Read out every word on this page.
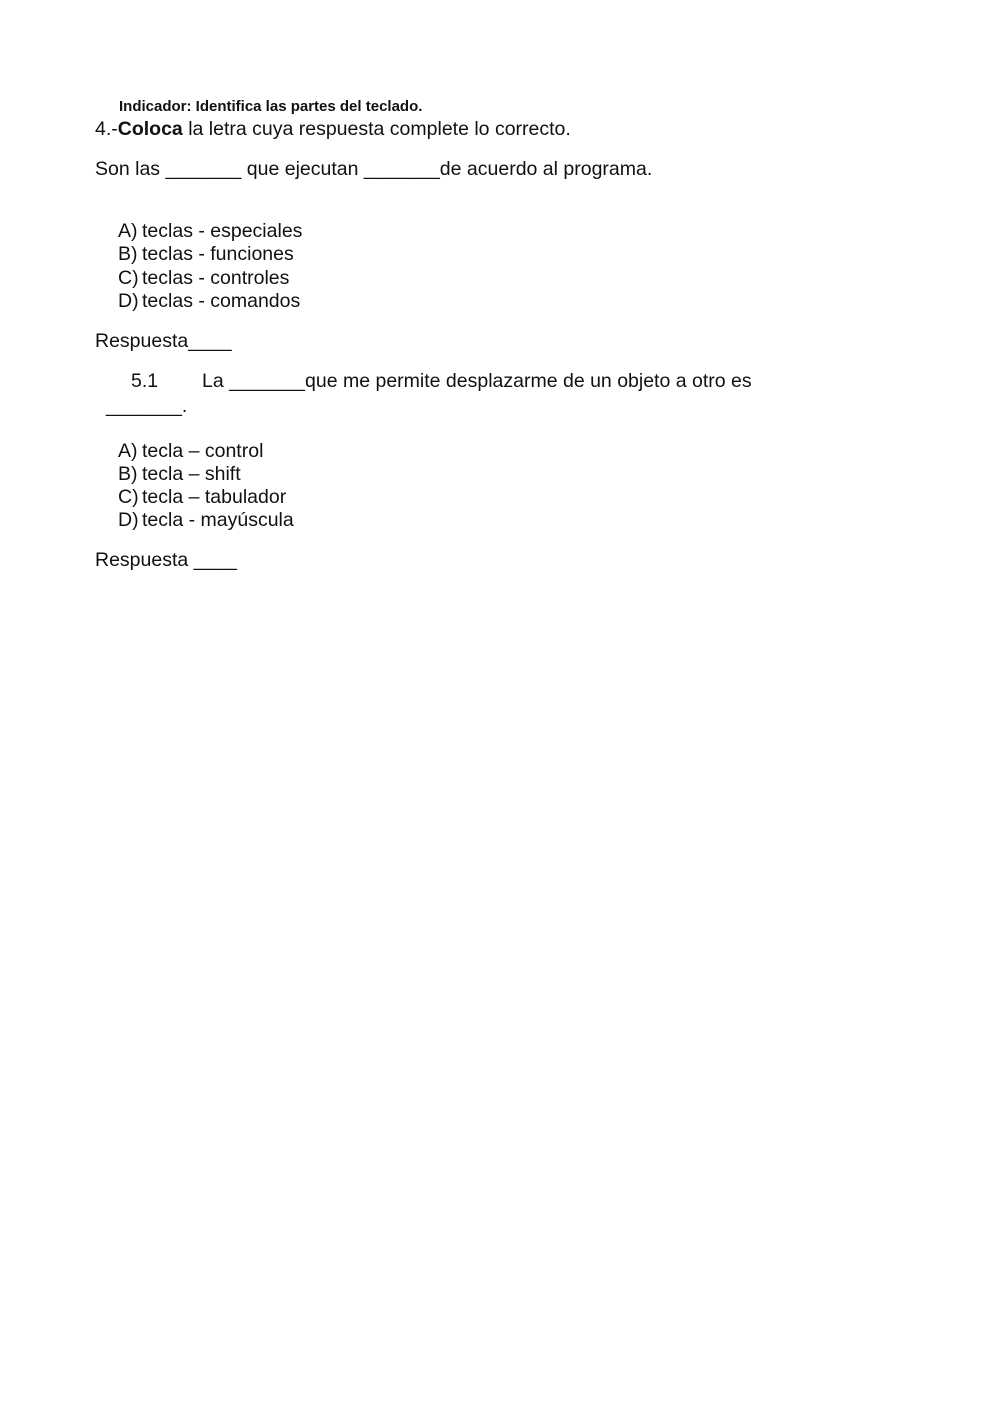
Indicador: Identifica las partes del teclado.
4.-Coloca la letra cuya respuesta complete lo correcto.
Son las _______ que ejecutan _______de acuerdo al programa.
A) teclas - especiales
B) teclas - funciones
C) teclas - controles
D) teclas - comandos
Respuesta____
5.1 La _______que me permite desplazarme de un objeto a otro es
_______.
A) tecla – control
B) tecla – shift
C) tecla – tabulador
D) tecla - mayúscula
Respuesta ____
